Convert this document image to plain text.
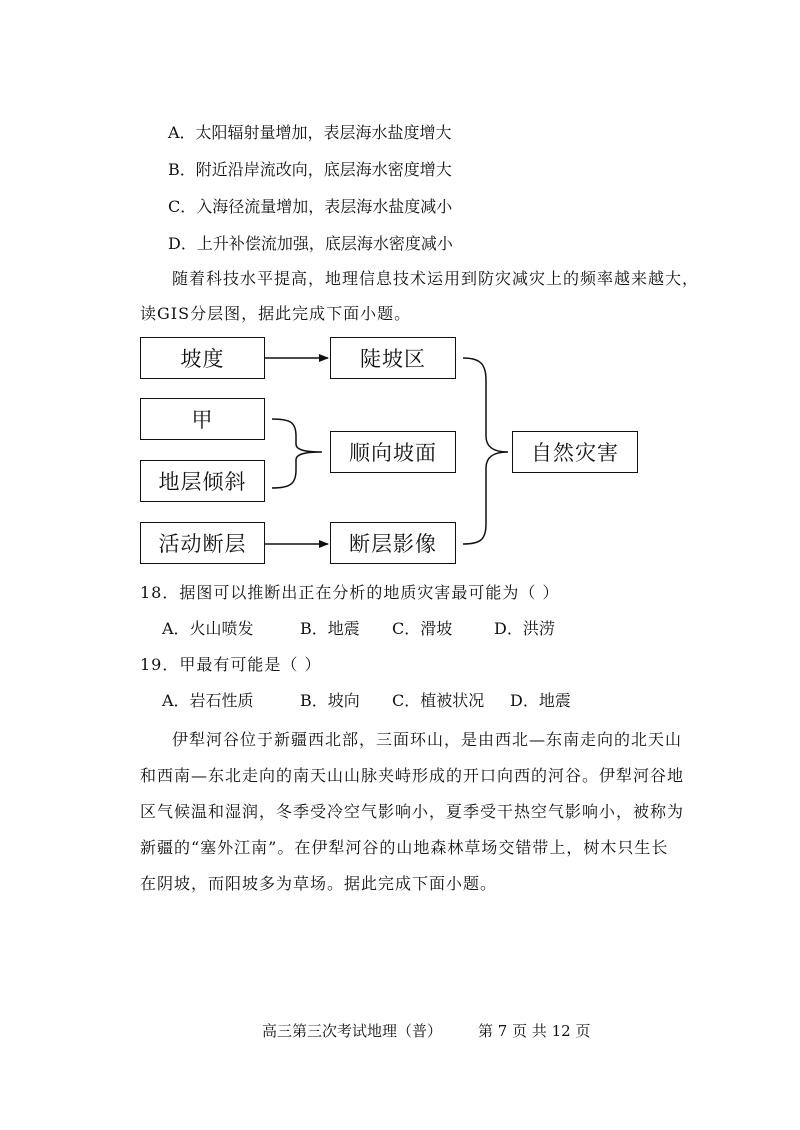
A．太阳辐射量增加，表层海水盐度增大
B．附近沿岸流改向，底层海水密度增大
C．入海径流量增加，表层海水盐度减小
D．上升补偿流加强，底层海水密度减小
随着科技水平提高，地理信息技术运用到防灾减灾上的频率越来越大，
读GIS分层图，据此完成下面小题。
坡度
甲
地层倾斜
活动断层
陡坡区
顺向坡面
断层影像
自然灾害
18．据图可以推断出正在分析的地质灾害最可能为（ ）
A．火山喷发	B．地震 C．滑坡	D．洪涝
19．甲最有可能是（ ）
A．岩石性质	B．坡向 C．植被状况 D．地震
伊犁河谷位于新疆西北部，三面环山，是由西北—东南走向的北天山
和西南—东北走向的南天山山脉夹峙形成的开口向西的河谷。伊犁河谷地
区气候温和湿润，冬季受冷空气影响小，夏季受干热空气影响小，被称为
新疆的“塞外江南”。在伊犁河谷的山地森林草场交错带上，树木只生长
在阴坡，而阳坡多为草场。据此完成下面小题。
高三第三次考试地理（普） 第 7 页 共 12 页
